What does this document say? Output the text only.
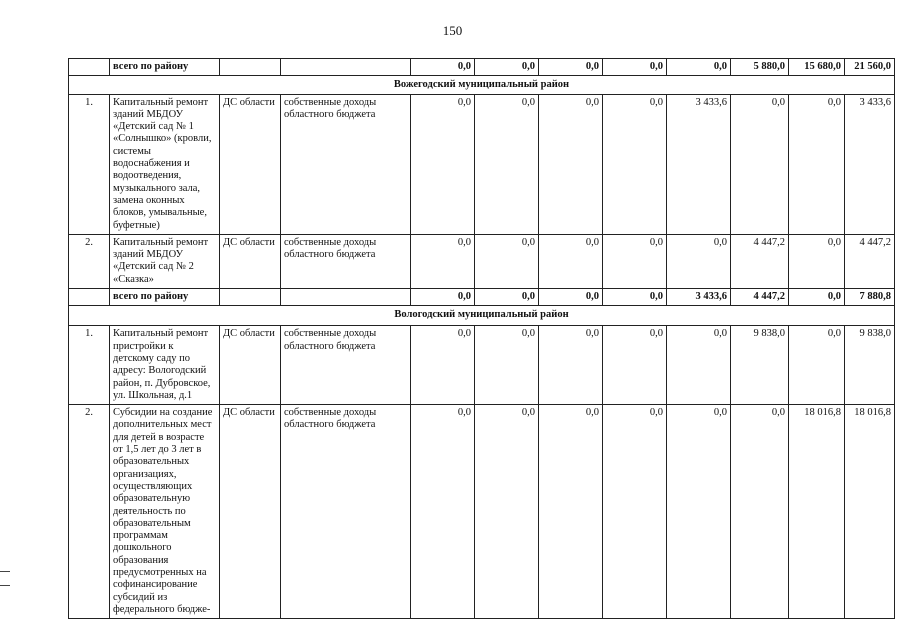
150
	всего по району			0,0	0,0	0,0	0,0	0,0	5 880,0	15 680,0	21 560,0
Вожегодский муниципальный район											
1.	Капитальный ремонт зданий МБДОУ «Детский сад № 1 «Солнышко» (кровли, системы водоснабжения и водоотведения, музыкального зала, замена оконных блоков, умывальные, буфетные)	ДС области	собственные доходы областного бюджета	0,0	0,0	0,0	0,0	3 433,6	0,0	0,0	3 433,6
2.	Капитальный ремонт зданий МБДОУ «Детский сад № 2 «Сказка»	ДС области	собственные доходы областного бюджета	0,0	0,0	0,0	0,0	0,0	4 447,2	0,0	4 447,2
	всего по району			0,0	0,0	0,0	0,0	3 433,6	4 447,2	0,0	7 880,8
Вологодский муниципальный район											
1.	Капитальный ремонт пристройки к детскому саду по адресу: Вологодский район, п. Дубровское, ул. Школьная, д.1	ДС области	собственные доходы областного бюджета	0,0	0,0	0,0	0,0	0,0	9 838,0	0,0	9 838,0
2.	Субсидии на создание дополнительных мест для детей в возрасте от 1,5 лет до 3 лет в образовательных организациях, осуществляющих образовательную деятельность по образовательным программам дошкольного образования предусмотренных на софинансирование субсидий из федерального бюдже-	ДС области	собственные доходы областного бюджета	0,0	0,0	0,0	0,0	0,0	0,0	18 016,8	18 016,8
